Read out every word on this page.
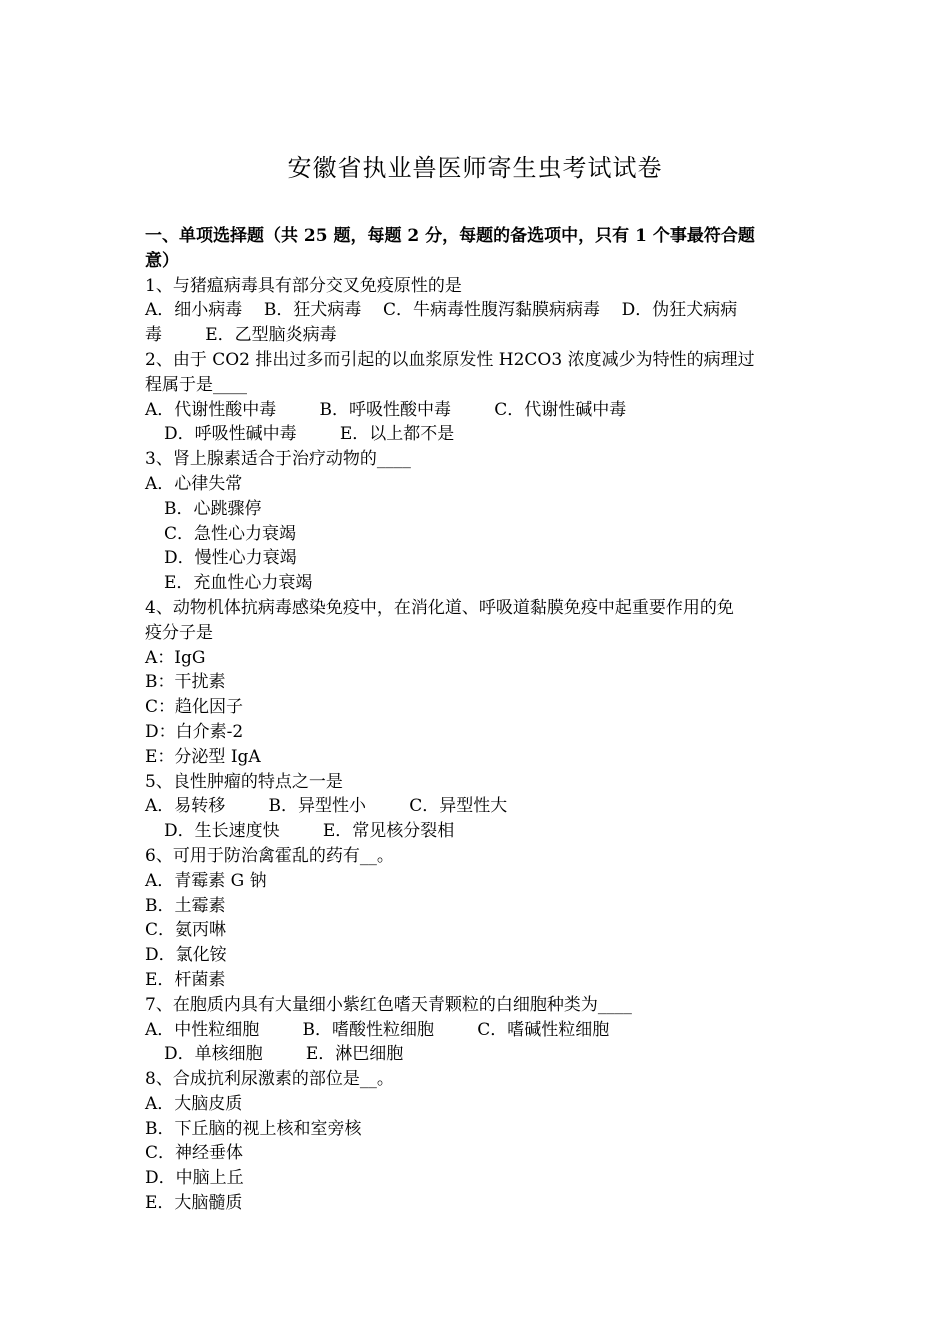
安徽省执业兽医师寄生虫考试试卷
一、单项选择题（共 25 题，每题 2 分，每题的备选项中，只有 1 个事最符合题
意）
1、与猪瘟病毒具有部分交叉免疫原性的是
A．细小病毒    B．狂犬病毒    C．牛病毒性腹泻黏膜病病毒    D．伪狂犬病病
毒        E．乙型脑炎病毒
2、由于 CO2 排出过多而引起的以血浆原发性 H2CO3 浓度减少为特性的病理过
程属于是____
A．代谢性酸中毒        B．呼吸性酸中毒        C．代谢性碱中毒
D．呼吸性碱中毒        E．以上都不是
3、肾上腺素适合于治疗动物的____
A．心律失常
B．心跳骤停
C．急性心力衰竭
D．慢性心力衰竭
E．充血性心力衰竭
4、动物机体抗病毒感染免疫中，在消化道、呼吸道黏膜免疫中起重要作用的免
疫分子是
A：IgG
B：干扰素
C：趋化因子
D：白介素-2
E：分泌型 IgA
5、良性肿瘤的特点之一是
A．易转移        B．异型性小        C．异型性大
D．生长速度快        E．常见核分裂相
6、可用于防治禽霍乱的药有__。
A．青霉素 G 钠
B．土霉素
C．氨丙啉
D．氯化铵
E．杆菌素
7、在胞质内具有大量细小紫红色嗜天青颗粒的白细胞种类为____
A．中性粒细胞        B．嗜酸性粒细胞        C．嗜碱性粒细胞
D．单核细胞        E．淋巴细胞
8、合成抗利尿激素的部位是__。
A．大脑皮质
B．下丘脑的视上核和室旁核
C．神经垂体
D．中脑上丘
E．大脑髓质
